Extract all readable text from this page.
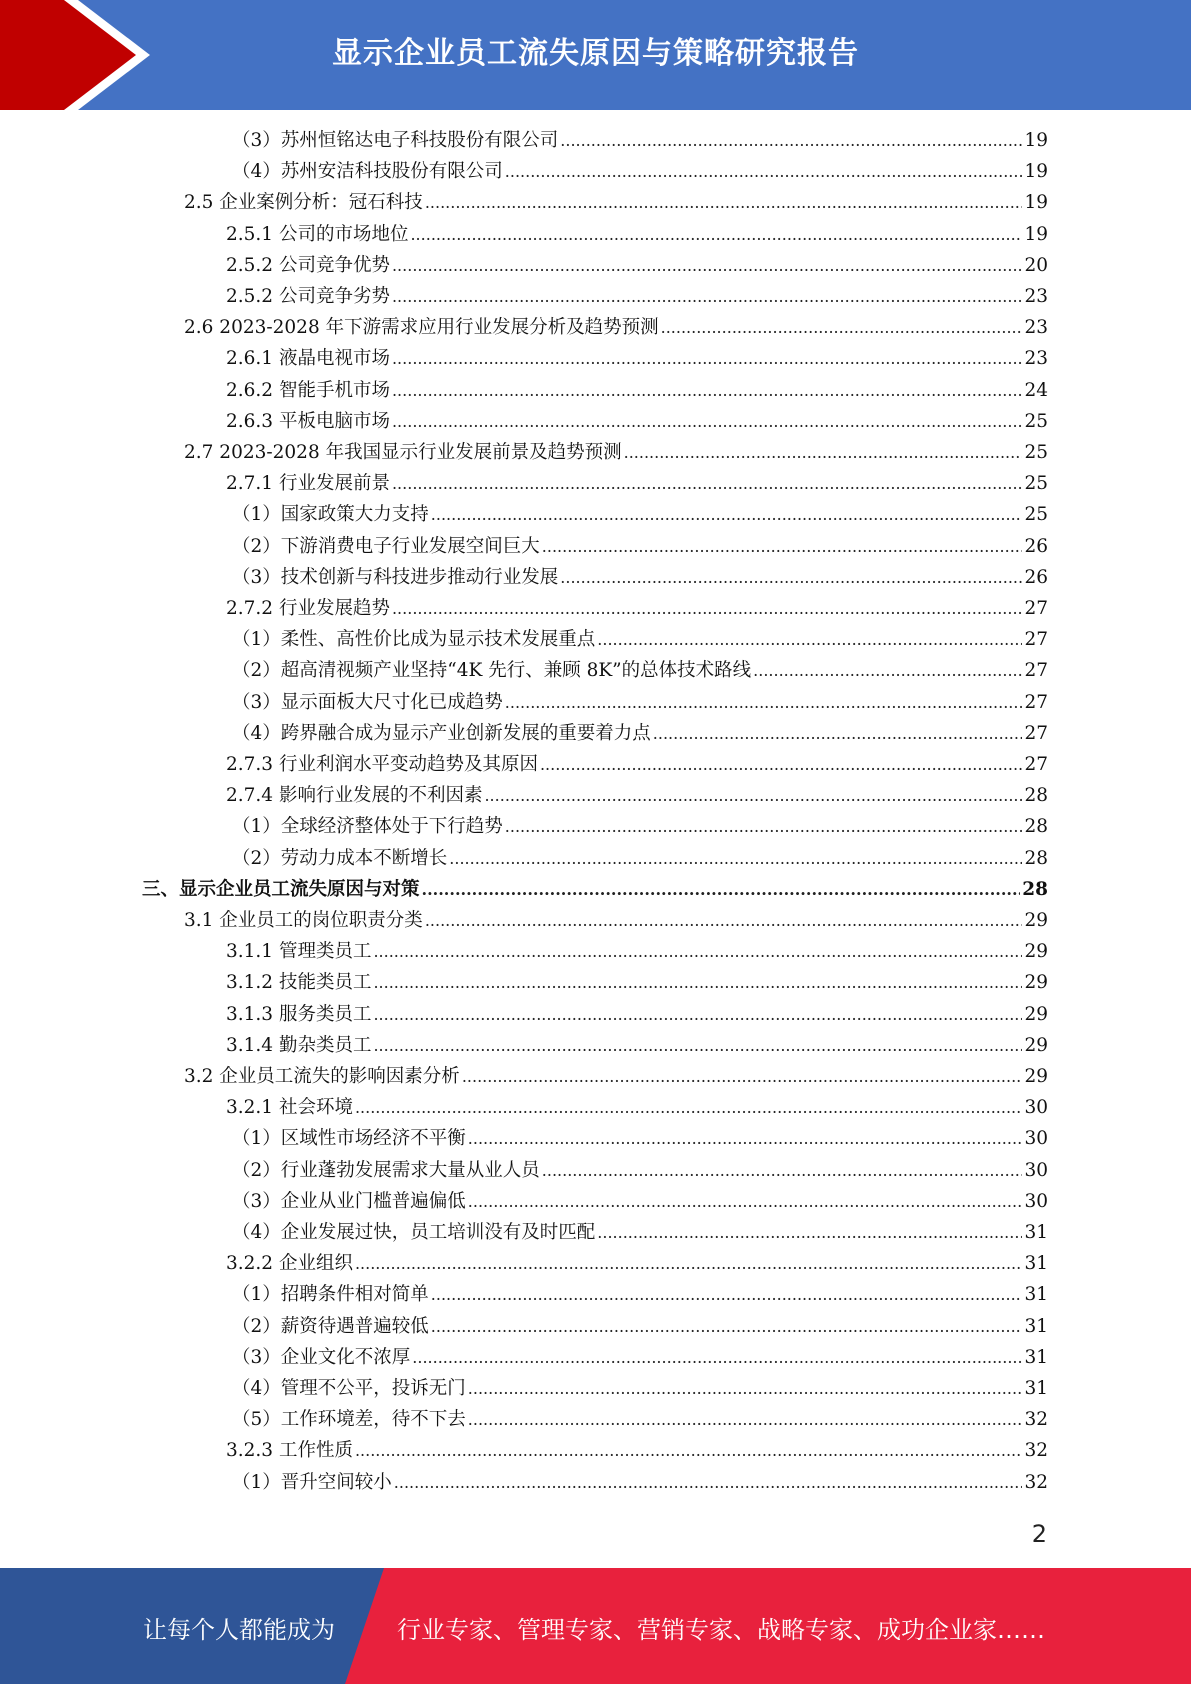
显示企业员工流失原因与策略研究报告
（3）苏州恒铭达电子科技股份有限公司 .....	19
（4）苏州安洁科技股份有限公司 .....	19
2.5 企业案例分析：冠石科技 .....	19
2.5.1 公司的市场地位 .....	19
2.5.2 公司竞争优势 .....	20
2.5.2 公司竞争劣势 .....	23
2.6 2023-2028 年下游需求应用行业发展分析及趋势预测 .....	23
2.6.1 液晶电视市场 .....	23
2.6.2 智能手机市场 .....	24
2.6.3 平板电脑市场 .....	25
2.7 2023-2028 年我国显示行业发展前景及趋势预测 .....	25
2.7.1 行业发展前景 .....	25
（1）国家政策大力支持 .....	25
（2）下游消费电子行业发展空间巨大 .....	26
（3）技术创新与科技进步推动行业发展 .....	26
2.7.2 行业发展趋势 .....	27
（1）柔性、高性价比成为显示技术发展重点 .....	27
（2）超高清视频产业坚持“4K 先行、兼顾 8K”的总体技术路线 .....	27
（3）显示面板大尺寸化已成趋势 .....	27
（4）跨界融合成为显示产业创新发展的重要着力点 .....	27
2.7.3 行业利润水平变动趋势及其原因 .....	27
2.7.4 影响行业发展的不利因素 .....	28
（1）全球经济整体处于下行趋势 .....	28
（2）劳动力成本不断增长 .....	28
三、显示企业员工流失原因与对策 .....	28
3.1 企业员工的岗位职责分类 .....	29
3.1.1 管理类员工 .....	29
3.1.2 技能类员工 .....	29
3.1.3 服务类员工 .....	29
3.1.4 勤杂类员工 .....	29
3.2 企业员工流失的影响因素分析 .....	29
3.2.1 社会环境 .....	30
（1）区域性市场经济不平衡 .....	30
（2）行业蓬勃发展需求大量从业人员 .....	30
（3）企业从业门槛普遍偏低 .....	30
（4）企业发展过快，员工培训没有及时匹配 .....	31
3.2.2 企业组织 .....	31
（1）招聘条件相对简单 .....	31
（2）薪资待遇普遍较低 .....	31
（3）企业文化不浓厚 .....	31
（4）管理不公平，投诉无门 .....	31
（5）工作环境差，待不下去 .....	32
3.2.3 工作性质 .....	32
（1）晋升空间较小 .....	32
2
让每个人都能成为	行业专家、管理专家、营销专家、战略专家、成功企业家……
